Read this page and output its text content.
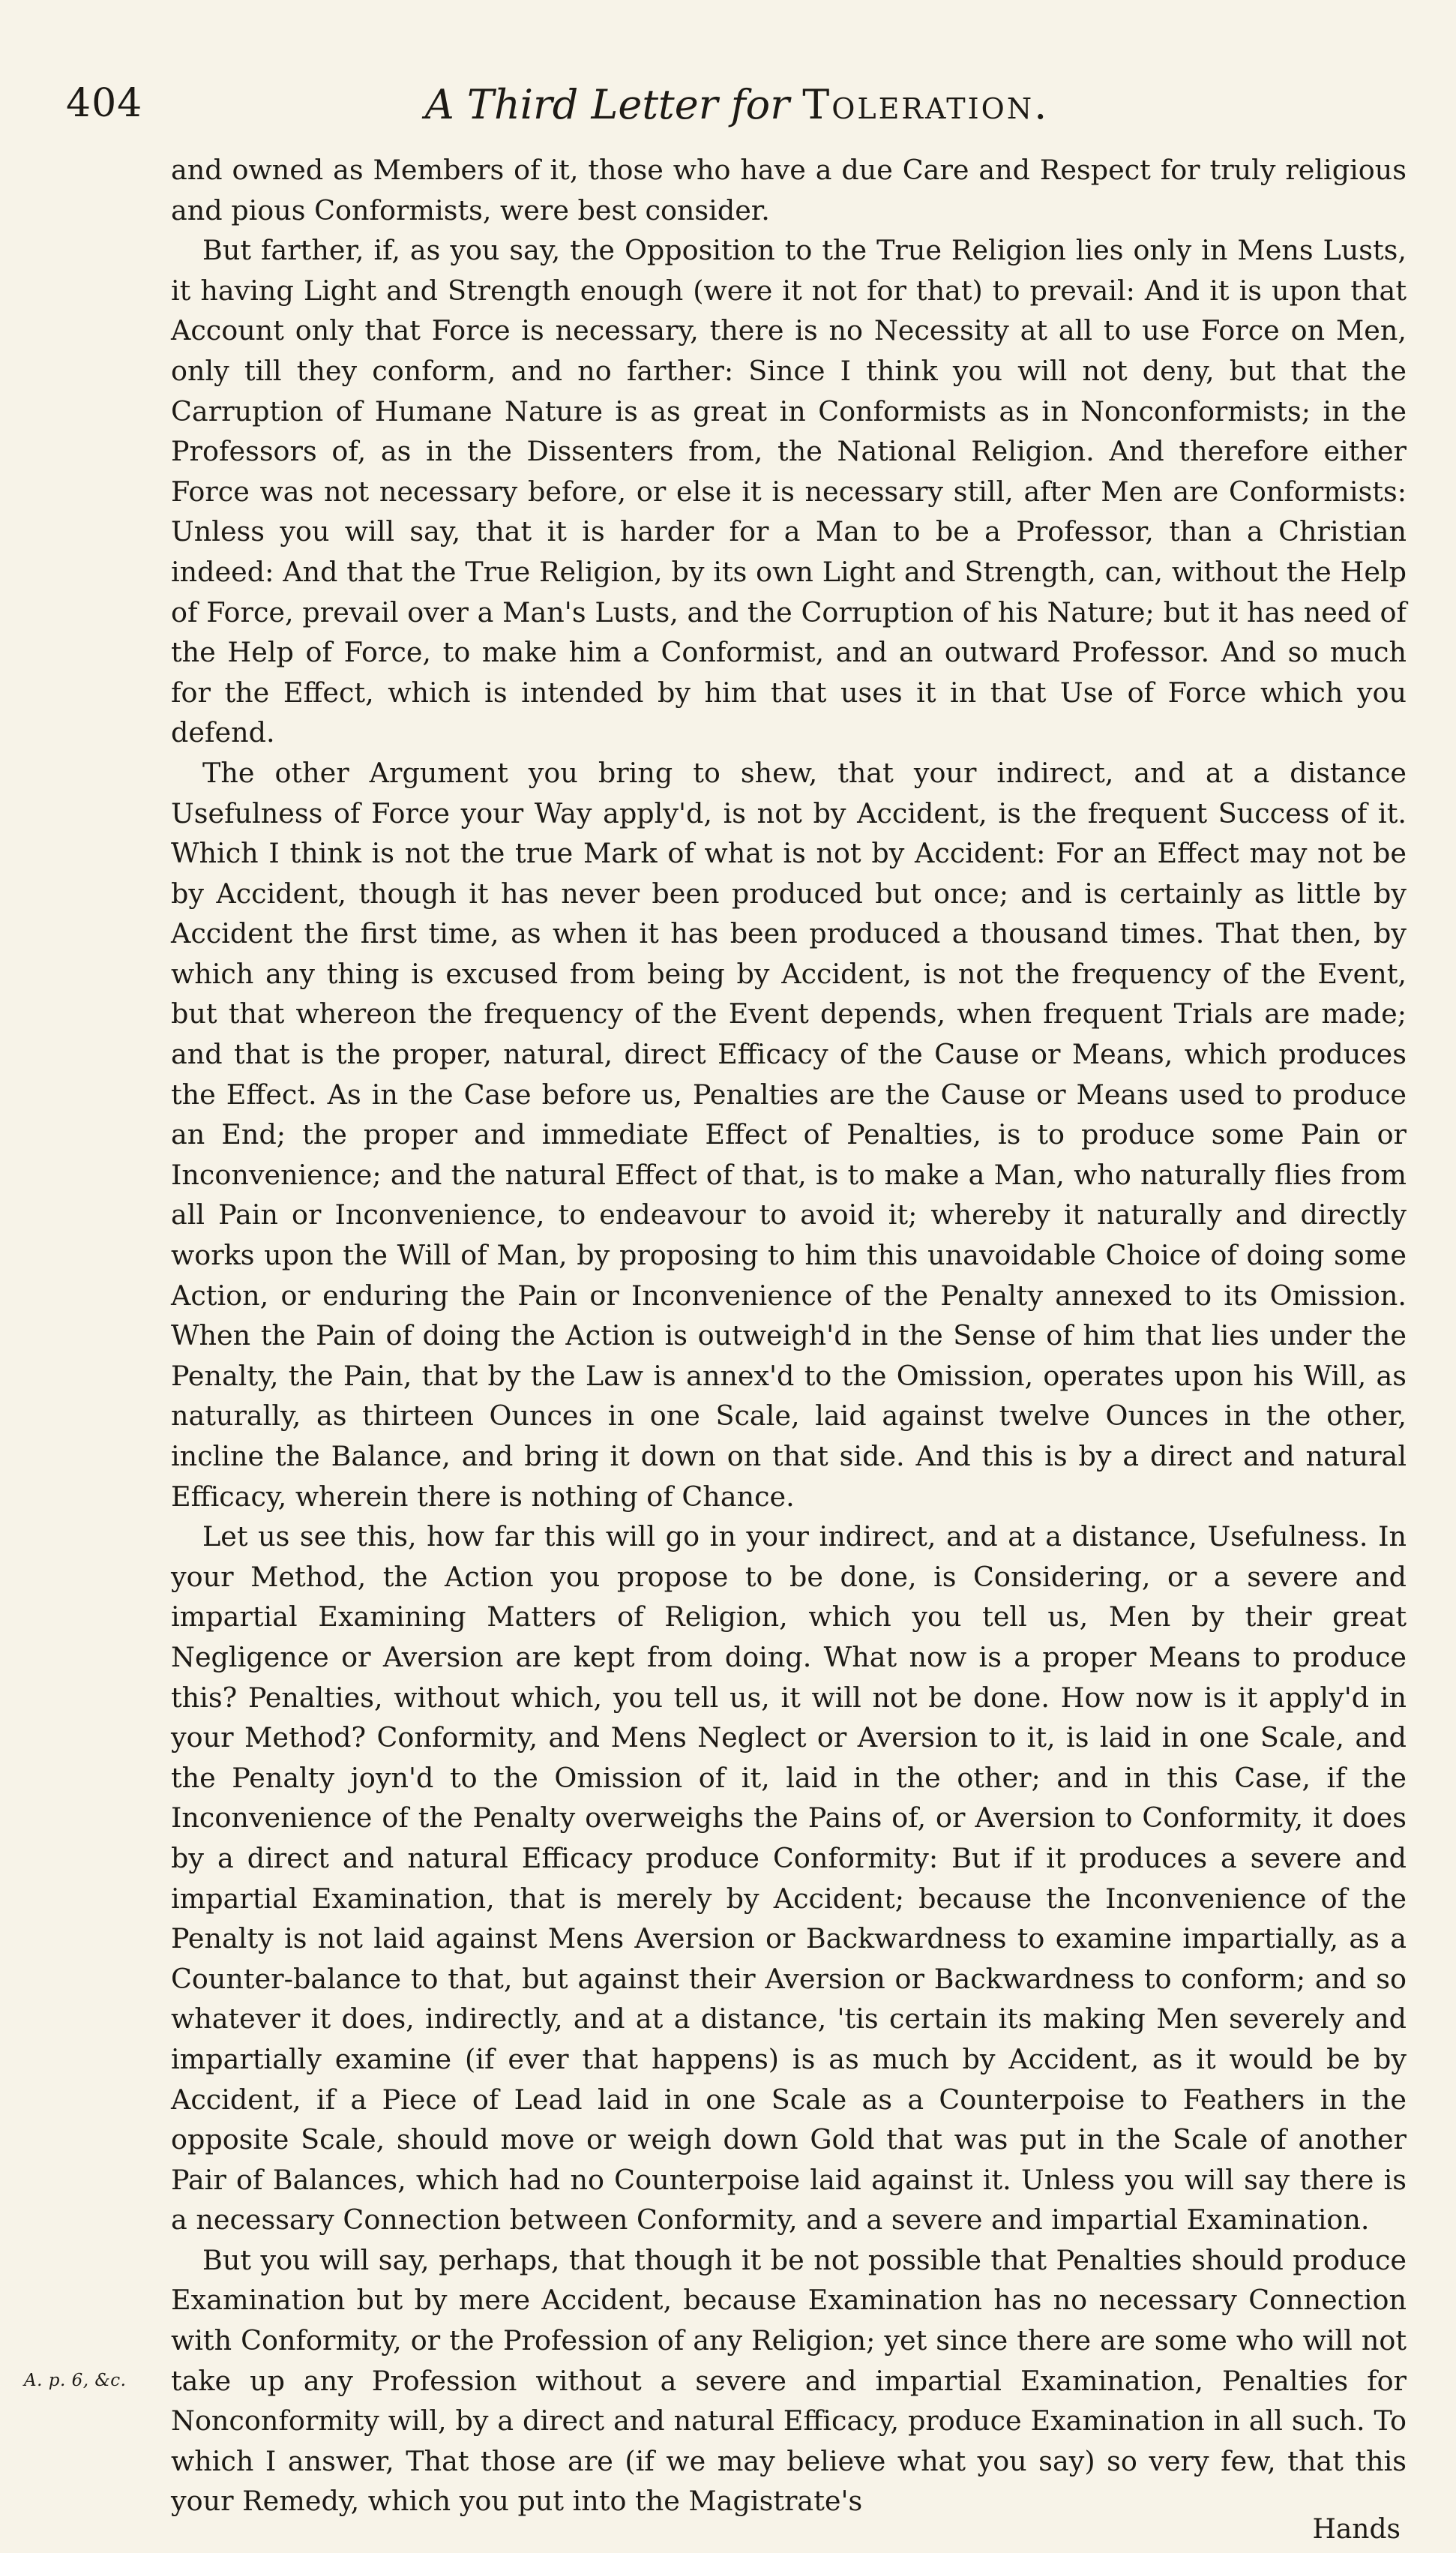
404	A Third Letter for Toleration.

and owned as Members of it, those who have a due Care and Respect for truly religious and pious Conformists, were best consider.

But farther, if, as you say, the Opposition to the True Religion lies only in Mens Lusts, it having Light and Strength enough (were it not for that) to prevail: And it is upon that Account only that Force is necessary, there is no Necessity at all to use Force on Men, only till they conform, and no farther: Since I think you will not deny, but that the Carruption of Humane Nature is as great in Conformists as in Nonconformists; in the Professors of, as in the Dissenters from, the National Religion. And therefore either Force was not necessary before, or else it is necessary still, after Men are Conformists: Unless you will say, that it is harder for a Man to be a Professor, than a Christian indeed: And that the True Religion, by its own Light and Strength, can, without the Help of Force, prevail over a Man's Lusts, and the Corruption of his Nature; but it has need of the Help of Force, to make him a Conformist, and an outward Professor. And so much for the Effect, which is intended by him that uses it in that Use of Force which you defend.

The other Argument you bring to shew, that your indirect, and at a distance Usefulness of Force your Way apply'd, is not by Accident, is the frequent Success of it. Which I think is not the true Mark of what is not by Accident: For an Effect may not be by Accident, though it has never been produced but once; and is certainly as little by Accident the first time, as when it has been produced a thousand times. That then, by which any thing is excused from being by Accident, is not the frequency of the Event, but that whereon the frequency of the Event depends, when frequent Trials are made; and that is the proper, natural, direct Efficacy of the Cause or Means, which produces the Effect. As in the Case before us, Penalties are the Cause or Means used to produce an End; the proper and immediate Effect of Penalties, is to produce some Pain or Inconvenience; and the natural Effect of that, is to make a Man, who naturally flies from all Pain or Inconvenience, to endeavour to avoid it; whereby it naturally and directly works upon the Will of Man, by proposing to him this unavoidable Choice of doing some Action, or enduring the Pain or Inconvenience of the Penalty annexed to its Omission. When the Pain of doing the Action is outweigh'd in the Sense of him that lies under the Penalty, the Pain, that by the Law is annex'd to the Omission, operates upon his Will, as naturally, as thirteen Ounces in one Scale, laid against twelve Ounces in the other, incline the Balance, and bring it down on that side. And this is by a direct and natural Efficacy, wherein there is nothing of Chance.

Let us see this, how far this will go in your indirect, and at a distance, Usefulness. In your Method, the Action you propose to be done, is Considering, or a severe and impartial Examining Matters of Religion, which you tell us, Men by their great Negligence or Aversion are kept from doing. What now is a proper Means to produce this? Penalties, without which, you tell us, it will not be done. How now is it apply'd in your Method? Conformity, and Mens Neglect or Aversion to it, is laid in one Scale, and the Penalty joyn'd to the Omission of it, laid in the other; and in this Case, if the Inconvenience of the Penalty overweighs the Pains of, or Aversion to Conformity, it does by a direct and natural Efficacy produce Conformity: But if it produces a severe and impartial Examination, that is merely by Accident; because the Inconvenience of the Penalty is not laid against Mens Aversion or Backwardness to examine impartially, as a Counter-balance to that, but against their Aversion or Backwardness to conform; and so whatever it does, indirectly, and at a distance, 'tis certain its making Men severely and impartially examine (if ever that happens) is as much by Accident, as it would be by Accident, if a Piece of Lead laid in one Scale as a Counterpoise to Feathers in the opposite Scale, should move or weigh down Gold that was put in the Scale of another Pair of Balances, which had no Counterpoise laid against it. Unless you will say there is a necessary Connection between Conformity, and a severe and impartial Examination.

But you will say, perhaps, that though it be not possible that Penalties should produce Examination but by mere Accident, because Examination has no necessary Connection with Conformity, or the Profession of any Religion; yet since there are some who will not take up any Profession without a severe and impartial Examination, Penalties for Nonconformity will, by a direct and natural Efficacy, produce Examination in all such. To which I answer, That those are (if we may believe what you say) so very few, that this your Remedy, which you put into the Magistrate's

A. p. 6, &c.
Hands
